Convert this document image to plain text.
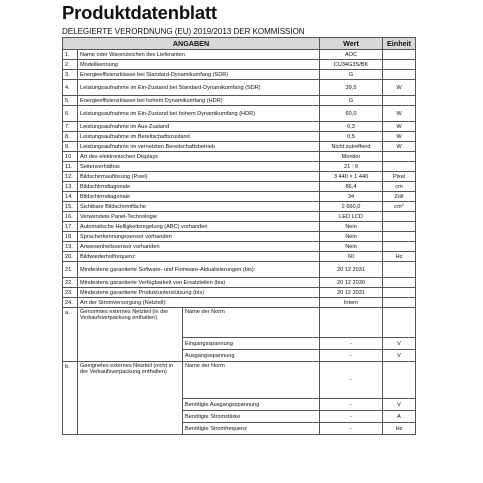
Produktdatenblatt
DELEGIERTE VERORDNUNG (EU) 2019/2013 DER KOMMISSION
ANGABEN			Wert	Einheit
1.	Name oder Warenzeichen des Lieferanten		AOC	
2.	Modellkennung		CU34G3S/BK	
3.	Energieeffizienzklasse bei Standard-Dynamikumfang (SDR)		G	
4.	Leistungsaufnahme im Ein-Zustand bei Standard-Dynamikumfang (SDR)		39,5	W
5.	Energieeffizienzklasse bei hohem Dynamikumfang (HDR)		G	
6.	Leistungsaufnahme im Ein-Zustand bei hohem Dynamikumfang (HDR)		60,0	W
7.	Leistungsaufnahme im Aus-Zustand		0,3	W
8.	Leistungsaufnahme im Bereitschaftszustand		0,5	W
9.	Leistungsaufnahme im vernetzten Bereitschaftsbetrieb		Nicht zutreffend	W
10.	Art des elektronischen Displays		Monitor	
11.	Seitenverhältnis		21 : 9	
12.	Bildschirmauflösung (Pixel)		3 440 × 1 440	Pixel
13.	Bildschirmdiagonale		86,4	cm
14.	Bildschirmdiagonale		34	Zoll
15.	Sichtbare Bildschirmfläche		2 660,0	$cm^2$
16.	Verwendete Panel-Technologie		LED LCD	
17.	Automatische Helligkeitsregelung (ABC) vorhanden		Nein	
18.	Spracherkennungssensor vorhanden		Nein	
19.	Anwesenheitssensor vorhanden		Nein	
20.	Bildwiederholfrequenz		60	Hz
21.	Mindestens garantierte Software- und Firmware-Aktualisierungen (bis):		20 12 2031	
22.	Mindestens garantierte Verfügbarkeit von Ersatzteilen (bis)		20 12 2030	
23.	Mindestens garantierte Produktunterstützung (bis)		20 12 2031	
24.	Art der Stromversorgung (Netzteil):		Intern	
a.	Genormtes externes Netzteil (in der Verkaufsverpackung enthalten)	Name der Norm		
		Eingangsspannung	-	V
		Ausgangsspannung	-	V
b.	Geeignetes externes Netzteil (nicht in der Verkaufsverpackung enthalten)	Name der Norm	-	
		Benötigte Ausgangsspannung	-	V
		Benötigte Stromstärke	-	A
		Benötigte Stromfrequenz	-	Hz
